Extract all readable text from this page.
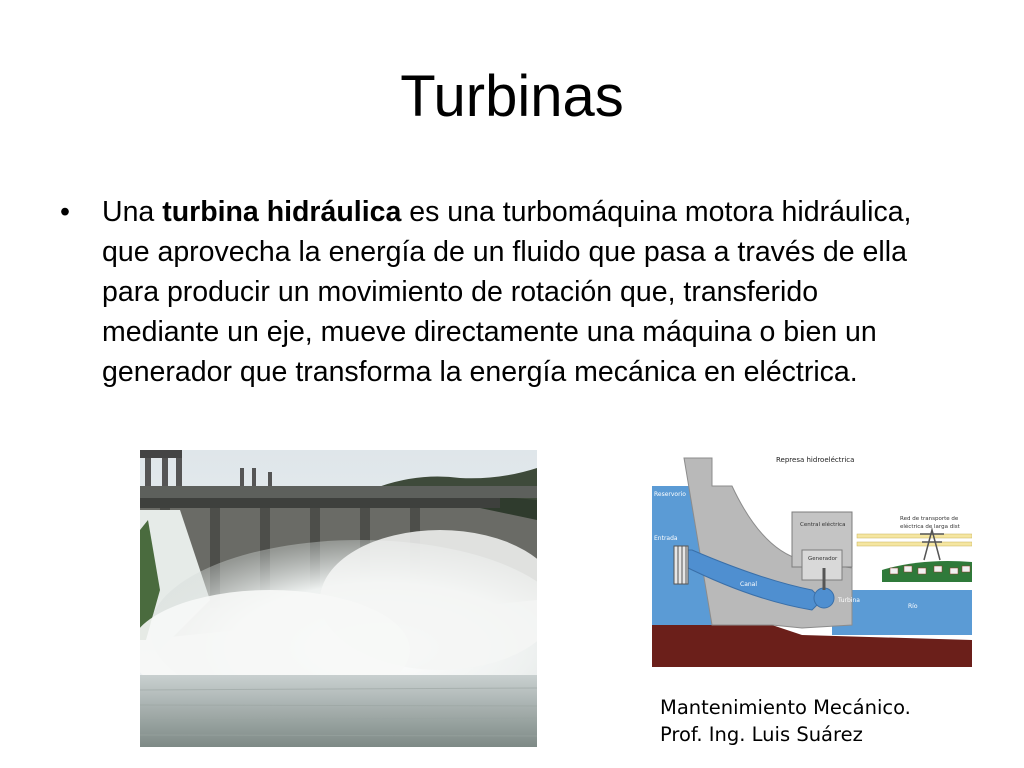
Turbinas
•	Una turbina hidráulica es una turbomáquina motora hidráulica, que aprovecha la energía de un fluido que pasa a través de ella para producir un movimiento de rotación que, transferido mediante un eje, mueve directamente una máquina o bien un generador que transforma la energía mecánica en eléctrica.
Represa hidroeléctrica
Reservorio
Entrada
Central eléctrica
Generador
Canal
Turbina
Río
Red de transporte de
eléctrica de larga dist
Mantenimiento Mecánico.
Prof. Ing. Luis Suárez
